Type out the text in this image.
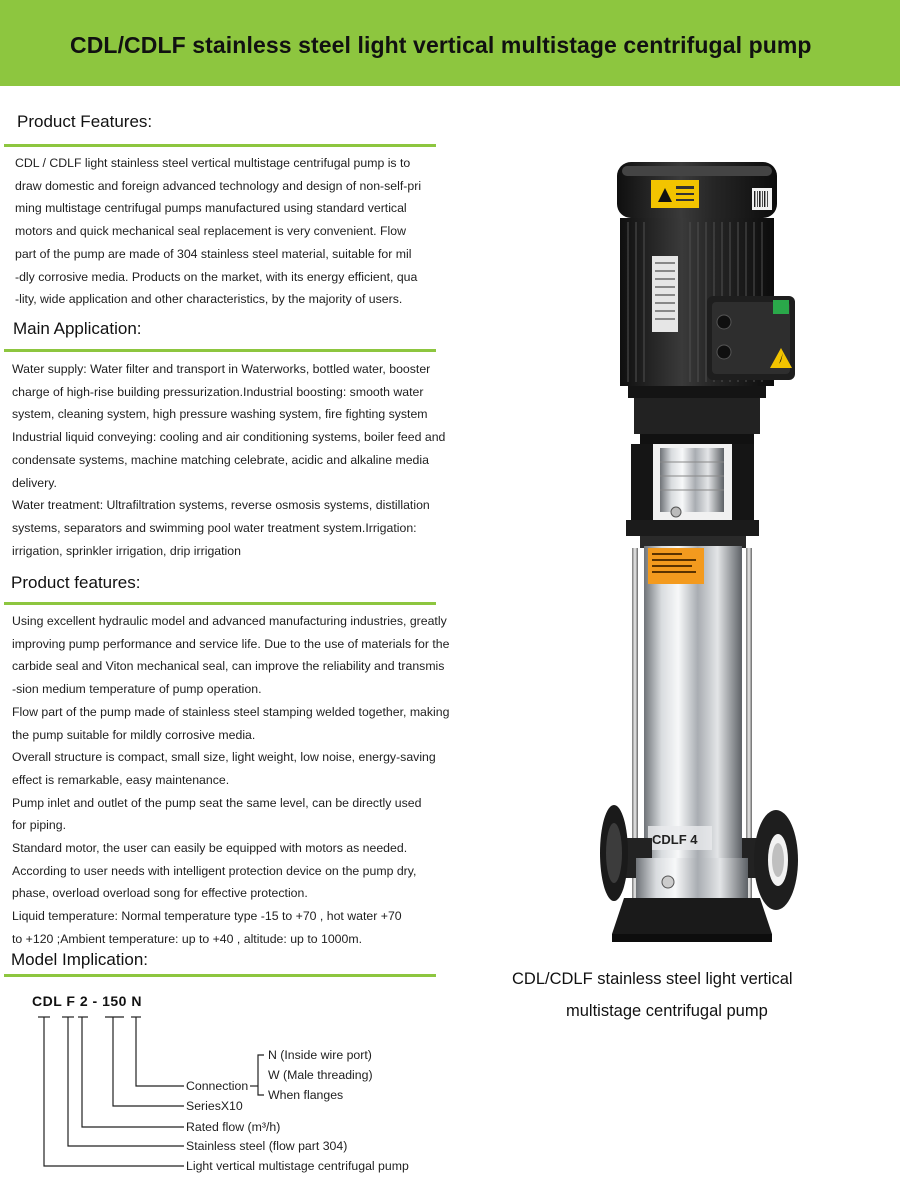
CDL/CDLF stainless steel light vertical multistage centrifugal pump
Product Features:
CDL / CDLF light stainless steel vertical multistage centrifugal pump is to
draw domestic and foreign advanced technology and design of non-self-pri
ming multistage centrifugal pumps manufactured using standard vertical
motors and quick mechanical seal replacement is very convenient. Flow
part of the pump are made of 304 stainless steel material, suitable for mil
-dly corrosive media. Products on the market, with its energy efficient, qua
-lity, wide application and other characteristics, by the majority of users.
Main Application:
Water supply: Water filter and transport in Waterworks, bottled water, booster
charge of high-rise building pressurization.Industrial boosting: smooth water
system, cleaning system, high pressure washing system, fire fighting system
Industrial liquid conveying: cooling and air conditioning systems, boiler feed and
condensate systems, machine matching celebrate, acidic and alkaline media
delivery.
Water treatment: Ultrafiltration systems, reverse osmosis systems, distillation
systems, separators and swimming pool water treatment system.Irrigation:
irrigation, sprinkler irrigation, drip irrigation
Product features:
Using excellent hydraulic model and advanced manufacturing industries, greatly
improving pump performance and service life. Due to the use of materials for the
carbide seal and Viton mechanical seal, can improve the reliability and transmis
-sion medium temperature of pump operation.
Flow part of the pump made of stainless steel stamping welded together, making
the pump suitable for mildly corrosive media.
Overall structure is compact, small size, light weight, low noise, energy-saving
effect is remarkable, easy maintenance.
Pump inlet and outlet of the pump seat the same level, can be directly used
for piping.
Standard motor, the user can easily be equipped with motors as needed.
According to user needs with intelligent protection device on the pump dry,
phase, overload overload song for effective protection.
Liquid temperature: Normal temperature type -15 to +70 , hot water +70
to +120 ;Ambient temperature: up to +40 , altitude: up to 1000m.
Model Implication:
CDL F 2 - 150 N
Connection
N (Inside wire port)
W (Male threading)
When flanges
SeriesX10
Rated flow (m³/h)
Stainless steel (flow part 304)
Light vertical multistage centrifugal pump
CDLF 4
CDL/CDLF stainless steel light vertical
multistage centrifugal pump
